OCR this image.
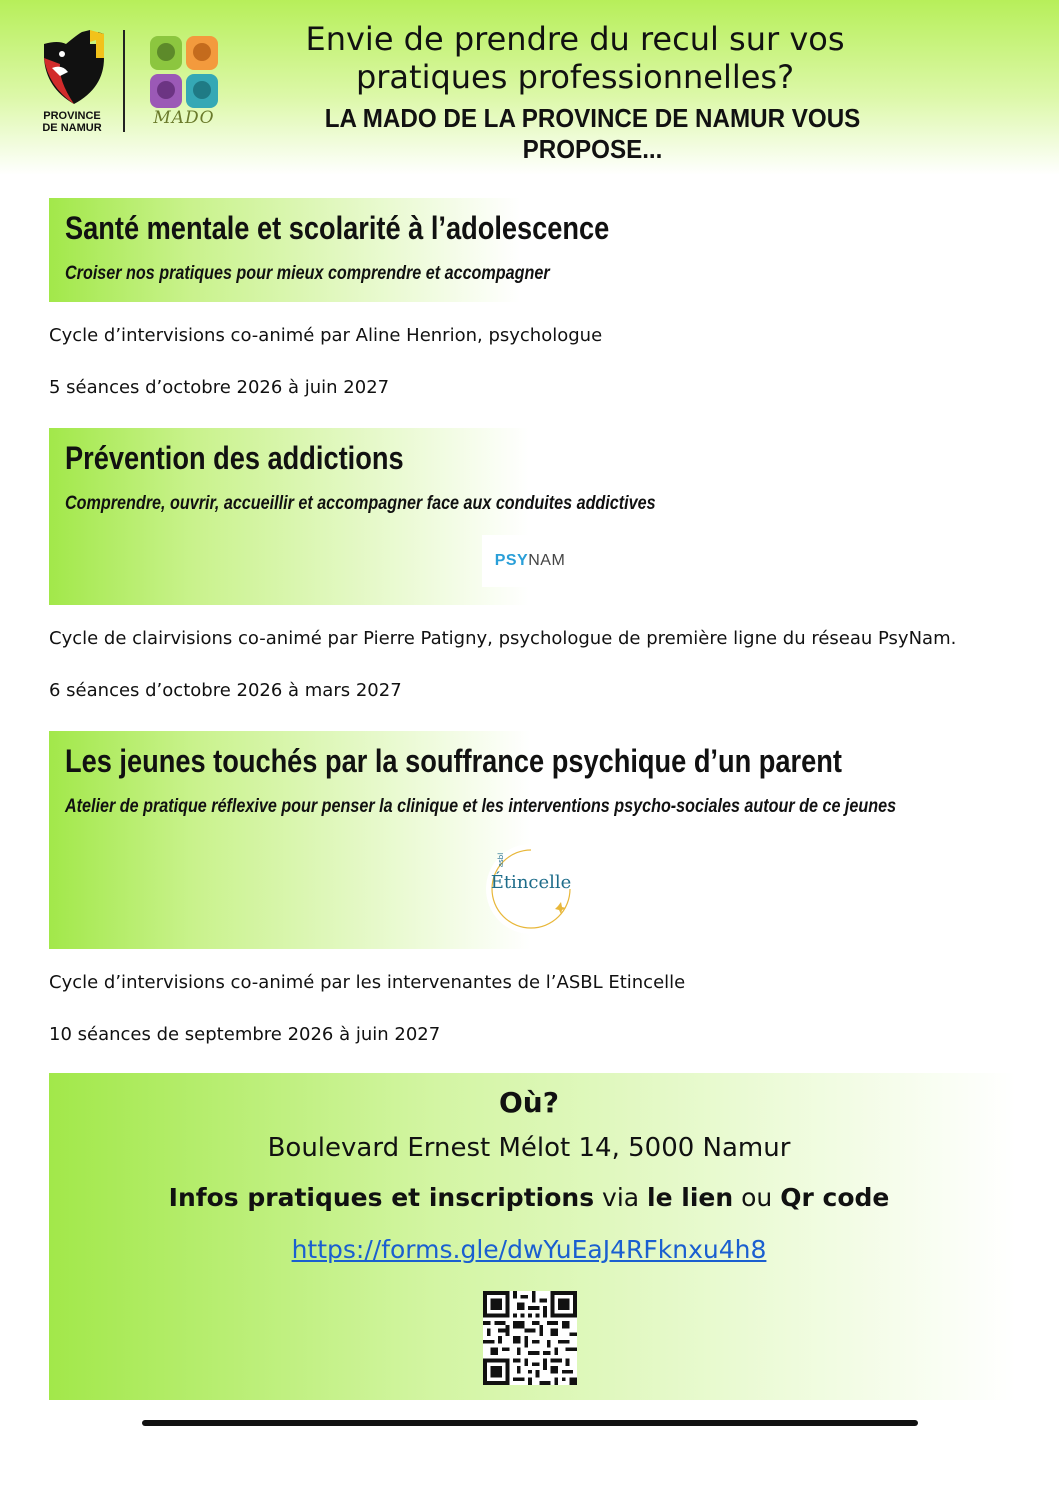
PROVINCE
DE NAMUR	MADO
Envie de prendre du recul sur vos
pratiques professionnelles?
LA MADO DE LA PROVINCE DE NAMUR VOUS PROPOSE...
Santé mentale et scolarité à l’adolescence
Croiser nos pratiques pour mieux comprendre et accompagner
Cycle d’intervisions co-animé par Aline Henrion, psychologue
5 séances d’octobre 2026 à juin 2027
Prévention des addictions
Comprendre, ouvrir, accueillir et accompagner face aux conduites addictives
PSY NAM
Cycle de clairvisions co-animé par Pierre Patigny, psychologue de première ligne du réseau PsyNam.
6 séances d’octobre 2026 à mars 2027
Les jeunes touchés par la souffrance psychique d’un parent
Atelier de pratique réflexive pour penser la clinique et les interventions psycho-sociales autour de ce jeunes
asbl
Étincelle
Cycle d’intervisions co-animé par les intervenantes de l’ASBL Etincelle
10 séances de septembre 2026 à juin 2027
Où?
Boulevard Ernest Mélot 14, 5000 Namur
Infos pratiques et inscriptions via le lien ou Qr code
https://forms.gle/dwYuEaJ4RFknxu4h8
